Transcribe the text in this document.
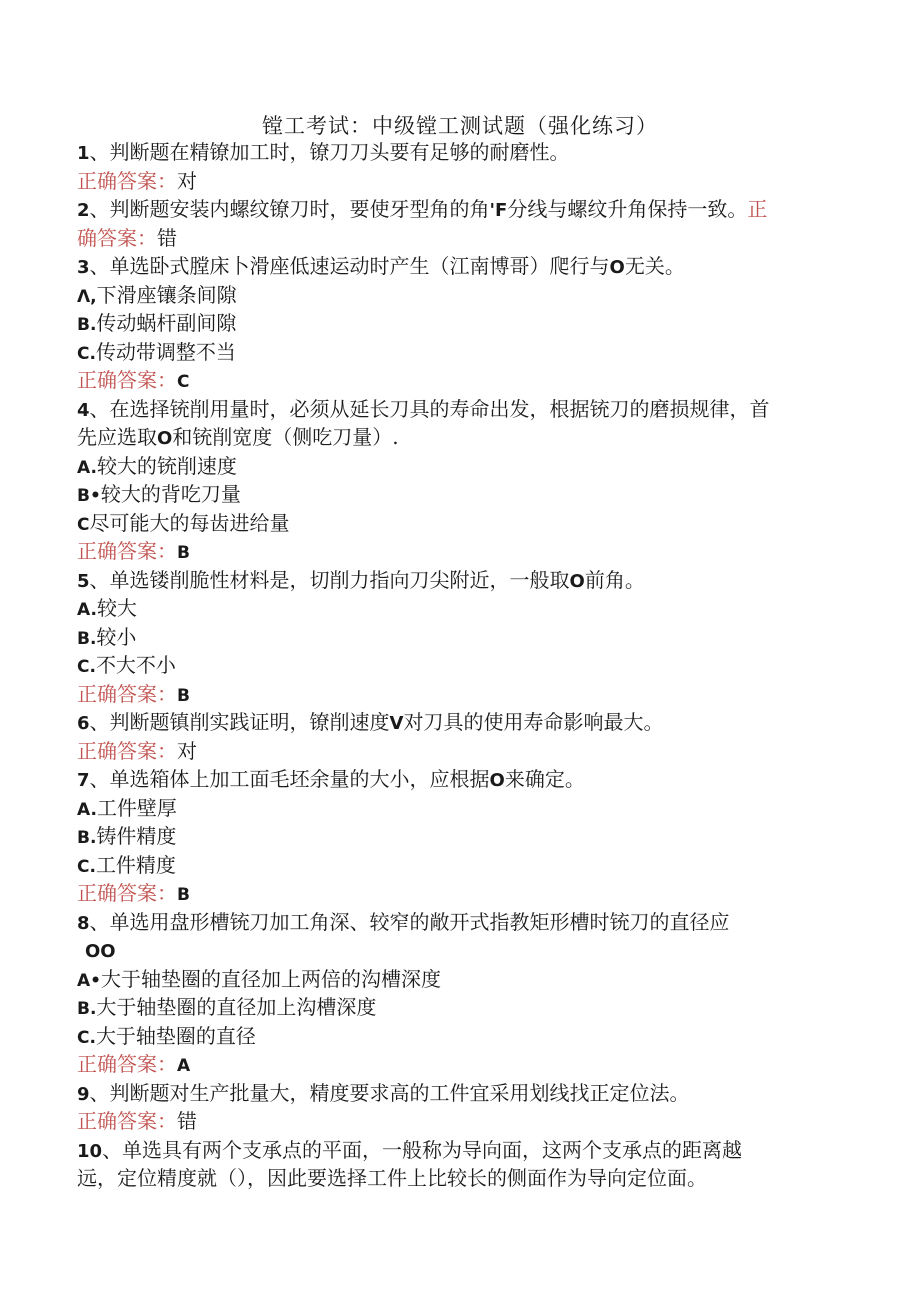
镗工考试：中级镗工测试题（强化练习）
1、判断题在精镣加工时，镣刀刀头要有足够的耐磨性。
正确答案：对
2、判断题安装内螺纹镣刀时，要使牙型角的角'F分线与螺纹升角保持一致。正
确答案：错
3、单选卧式膛床卜滑座低速运动时产生（江南博哥）爬行与O无关。
Λ,下滑座镶条间隙
B.传动蜗杆副间隙
C.传动带调整不当
正确答案：C
4、在选择铳削用量时，必须从延长刀具的寿命出发，根据铳刀的磨损规律，首
先应选取O和铳削宽度（侧吃刀量）.
A.较大的铳削速度
B•较大的背吃刀量
C尽可能大的每齿进给量
正确答案：B
5、单选镂削脆性材料是，切削力指向刀尖附近，一般取O前角。
A.较大
B.较小
C.不大不小
正确答案：B
6、判断题镇削实践证明，镣削速度V对刀具的使用寿命影响最大。
正确答案：对
7、单选箱体上加工面毛坯余量的大小，应根据O来确定。
A.工件壁厚
B.铸件精度
C.工件精度
正确答案：B
8、单选用盘形槽铳刀加工角深、较窄的敞开式指教矩形槽时铳刀的直径应
OO
A•大于轴垫圈的直径加上两倍的沟槽深度
B.大于轴垫圈的直径加上沟槽深度
C.大于轴垫圈的直径
正确答案：A
9、判断题对生产批量大，精度要求高的工件宜采用划线找正定位法。
正确答案：错
10、单选具有两个支承点的平面，一般称为导向面，这两个支承点的距离越
远，定位精度就（），因此要选择工件上比较长的侧面作为导向定位面。
